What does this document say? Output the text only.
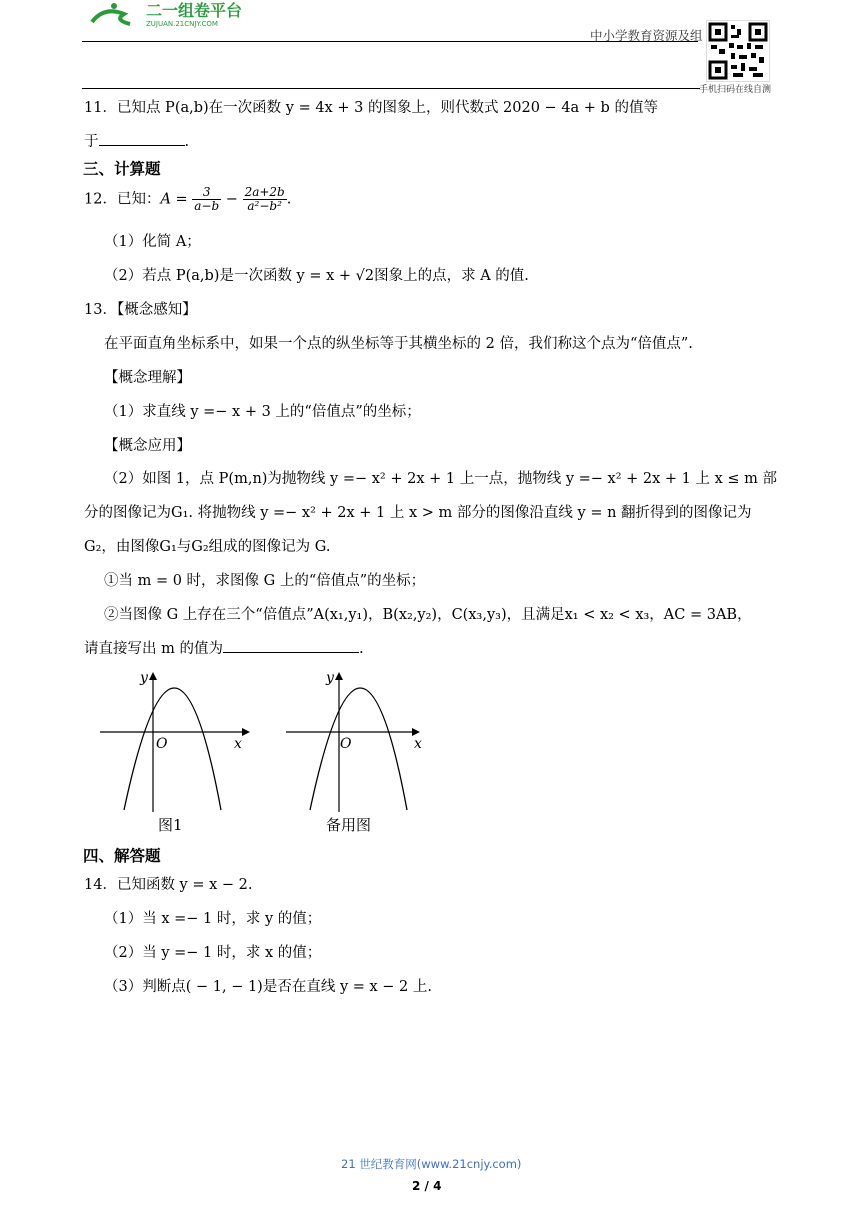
二一组卷平台
ZUJUAN.21CNJY.COM
中小学教育资源及组
手机扫码在线自测
11．已知点 P(a,b)在一次函数 y = 4x + 3 的图象上，则代数式 2020 − 4a + b 的值等
于	.
三、计算题
12．已知：$A = \frac{3}{a-b} - \frac{2a+2b}{\text{a²−b²}}$ .
（1）化简 A；
（2）若点 P(a,b)是一次函数 y = x + √2图象上的点，求 A 的值.
13．【概念感知】
在平面直角坐标系中，如果一个点的纵坐标等于其横坐标的 2 倍，我们称这个点为“倍值点”.
【概念理解】
（1）求直线 y =− x + 3 上的“倍值点”的坐标；
【概念应用】
（2）如图 1，点 P(m,n)为抛物线 y =− x² + 2x + 1 上一点，抛物线 y =− x² + 2x + 1 上 x ≤ m 部
分的图像记为G₁. 将抛物线 y =− x² + 2x + 1 上 x > m 部分的图像沿直线 y = n 翻折得到的图像记为
G₂，由图像G₁与G₂组成的图像记为 G.
①当 m = 0 时，求图像 G 上的“倍值点”的坐标；
②当图像 G 上存在三个“倍值点”A(x₁,y₁)，B(x₂,y₂)，C(x₃,y₃)，且满足x₁ < x₂ < x₃，AC = 3AB，
请直接写出 m 的值为	.
x
y
O
图1
x
y
O
备用图
四、解答题
14．已知函数 y = x − 2.
（1）当 x =− 1 时，求 y 的值；
（2）当 y =− 1 时，求 x 的值；
（3）判断点( − 1, − 1)是否在直线 y = x − 2 上.
21 世纪教育网(www.21cnjy.com)
2 / 4
